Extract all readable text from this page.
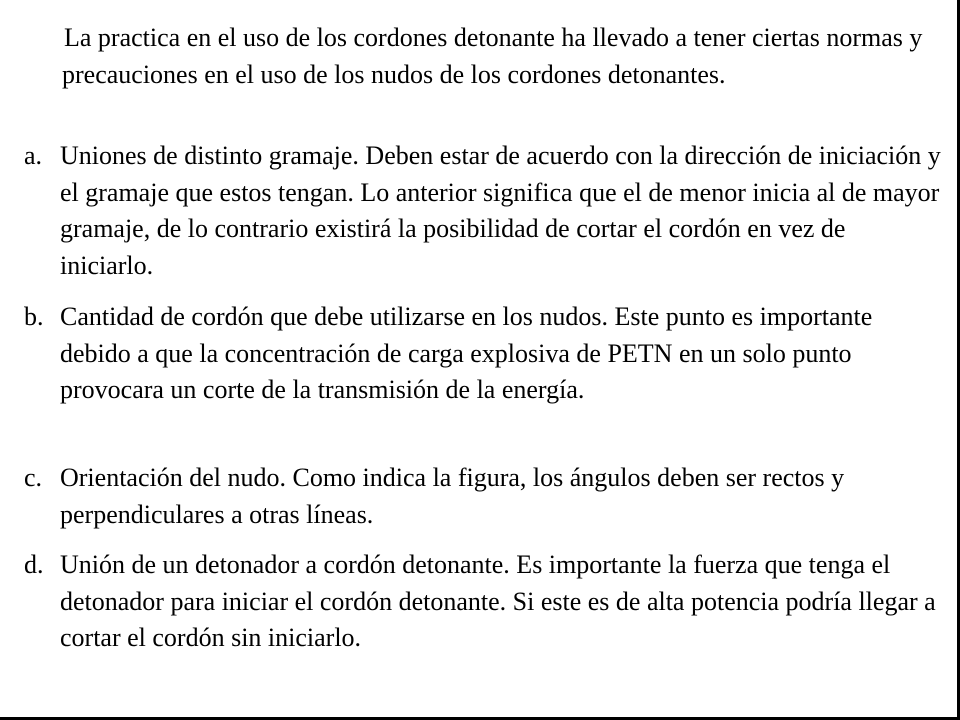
La practica en el uso de los cordones detonante ha llevado a tener ciertas normas y precauciones en el uso de los nudos de los cordones detonantes.

a. Uniones de distinto gramaje. Deben estar de acuerdo con la dirección de iniciación y el gramaje que estos tengan. Lo anterior significa que el de menor inicia al de mayor gramaje, de lo contrario existirá la posibilidad de cortar el cordón en vez de iniciarlo.
b. Cantidad de cordón que debe utilizarse en los nudos. Este punto es importante debido a que la concentración de carga explosiva de PETN en un solo punto provocara un corte de la transmisión de la energía.
c. Orientación del nudo. Como indica la figura, los ángulos deben ser rectos y perpendiculares a otras líneas.
d. Unión de un detonador a cordón detonante. Es importante la fuerza que tenga el detonador para iniciar el cordón detonante. Si este es de alta potencia podría llegar a cortar el cordón sin iniciarlo.
